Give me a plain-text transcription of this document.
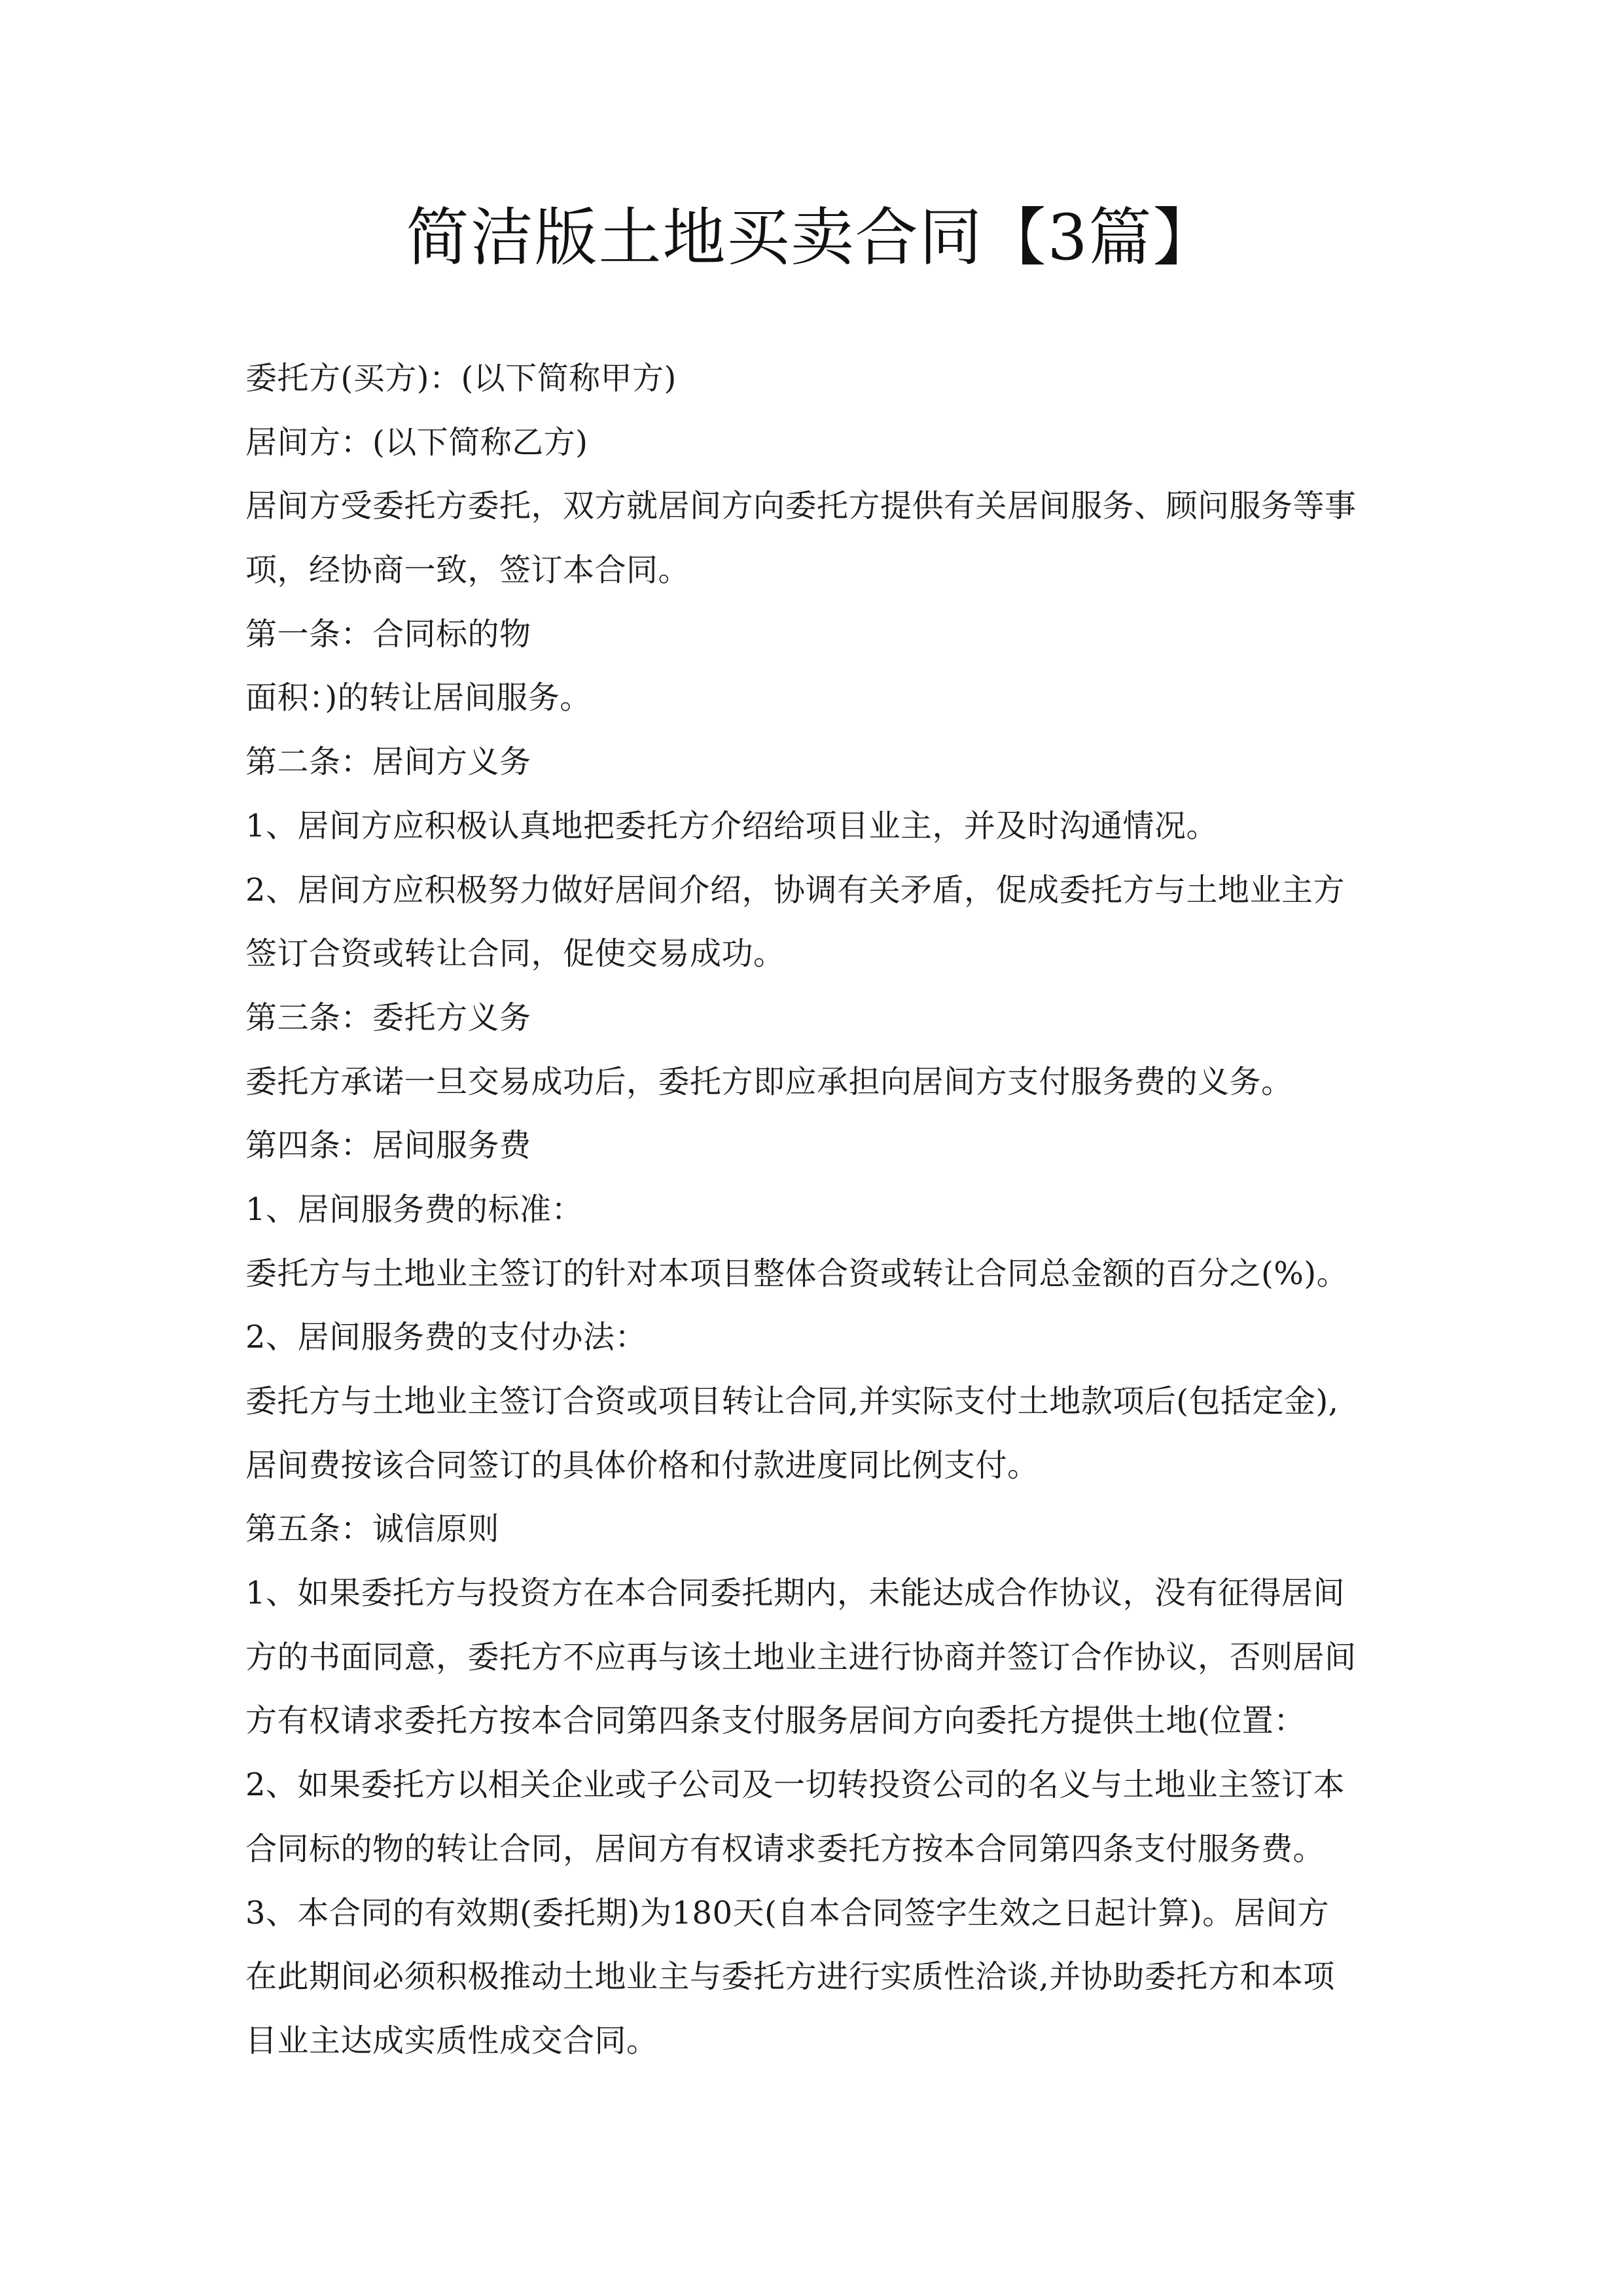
简洁版土地买卖合同【3篇】
委托方(买方)：(以下简称甲方)
居间方：(以下简称乙方)
居间方受委托方委托，双方就居间方向委托方提供有关居间服务、顾问服务等事
项，经协商一致，签订本合同。
第一条：合同标的物
面积：)的转让居间服务。
第二条：居间方义务
1、居间方应积极认真地把委托方介绍给项目业主，并及时沟通情况。
2、居间方应积极努力做好居间介绍，协调有关矛盾，促成委托方与土地业主方
签订合资或转让合同，促使交易成功。
第三条：委托方义务
委托方承诺一旦交易成功后，委托方即应承担向居间方支付服务费的义务。
第四条：居间服务费
1、居间服务费的标准：
委托方与土地业主签订的针对本项目整体合资或转让合同总金额的百分之(%)。
2、居间服务费的支付办法：
委托方与土地业主签订合资或项目转让合同,并实际支付土地款项后(包括定金),
居间费按该合同签订的具体价格和付款进度同比例支付。
第五条：诚信原则
1、如果委托方与投资方在本合同委托期内，未能达成合作协议，没有征得居间
方的书面同意，委托方不应再与该土地业主进行协商并签订合作协议，否则居间
方有权请求委托方按本合同第四条支付服务居间方向委托方提供土地(位置：
2、如果委托方以相关企业或子公司及一切转投资公司的名义与土地业主签订本
合同标的物的转让合同，居间方有权请求委托方按本合同第四条支付服务费。
3、本合同的有效期(委托期)为180天(自本合同签字生效之日起计算)。居间方
在此期间必须积极推动土地业主与委托方进行实质性洽谈,并协助委托方和本项
目业主达成实质性成交合同。
